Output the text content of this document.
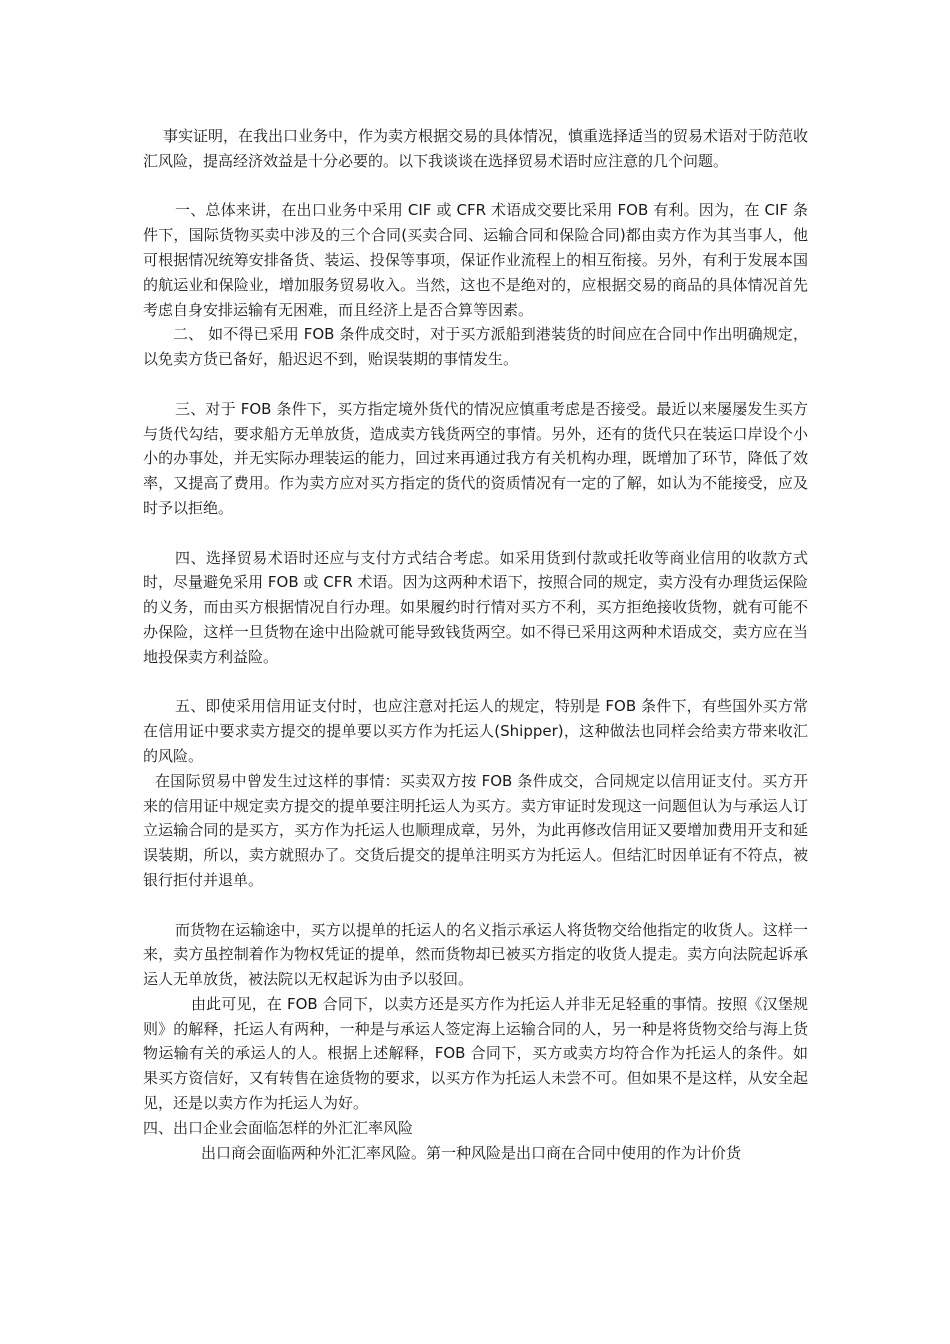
事实证明，在我出口业务中，作为卖方根据交易的具体情况，慎重选择适当的贸易术语对于防范收汇风险，提高经济效益是十分必要的。以下我谈谈在选择贸易术语时应注意的几个问题。

一、总体来讲，在出口业务中采用 CIF 或 CFR 术语成交要比采用 FOB 有利。因为，在 CIF 条件下，国际货物买卖中涉及的三个合同(买卖合同、运输合同和保险合同)都由卖方作为其当事人，他可根据情况统筹安排备货、装运、投保等事项，保证作业流程上的相互衔接。另外，有利于发展本国的航运业和保险业，增加服务贸易收入。当然，这也不是绝对的，应根据交易的商品的具体情况首先考虑自身安排运输有无困难，而且经济上是否合算等因素。

二、 如不得已采用 FOB 条件成交时，对于买方派船到港装货的时间应在合同中作出明确规定，以免卖方货已备好，船迟迟不到，贻误装期的事情发生。

三、对于 FOB 条件下，买方指定境外货代的情况应慎重考虑是否接受。最近以来屡屡发生买方与货代勾结，要求船方无单放货，造成卖方钱货两空的事情。另外，还有的货代只在装运口岸设个小小的办事处，并无实际办理装运的能力，回过来再通过我方有关机构办理，既增加了环节，降低了效率，又提高了费用。作为卖方应对买方指定的货代的资质情况有一定的了解，如认为不能接受，应及时予以拒绝。

四、选择贸易术语时还应与支付方式结合考虑。如采用货到付款或托收等商业信用的收款方式时，尽量避免采用 FOB 或 CFR 术语。因为这两种术语下，按照合同的规定，卖方没有办理货运保险的义务，而由买方根据情况自行办理。如果履约时行情对买方不利，买方拒绝接收货物，就有可能不办保险，这样一旦货物在途中出险就可能导致钱货两空。如不得已采用这两种术语成交，卖方应在当地投保卖方利益险。

五、即使采用信用证支付时，也应注意对托运人的规定，特别是 FOB 条件下，有些国外买方常在信用证中要求卖方提交的提单要以买方作为托运人(Shipper)，这种做法也同样会给卖方带来收汇的风险。

在国际贸易中曾发生过这样的事情：买卖双方按 FOB 条件成交，合同规定以信用证支付。买方开来的信用证中规定卖方提交的提单要注明托运人为买方。卖方审证时发现这一问题但认为与承运人订立运输合同的是买方，买方作为托运人也顺理成章，另外，为此再修改信用证又要增加费用开支和延误装期，所以，卖方就照办了。交货后提交的提单注明买方为托运人。但结汇时因单证有不符点，被银行拒付并退单。

而货物在运输途中，买方以提单的托运人的名义指示承运人将货物交给他指定的收货人。这样一来，卖方虽控制着作为物权凭证的提单，然而货物却已被买方指定的收货人提走。卖方向法院起诉承运人无单放货，被法院以无权起诉为由予以驳回。

由此可见，在 FOB 合同下，以卖方还是买方作为托运人并非无足轻重的事情。按照《汉堡规则》的解释，托运人有两种，一种是与承运人签定海上运输合同的人，另一种是将货物交给与海上货物运输有关的承运人的人。根据上述解释，FOB 合同下，买方或卖方均符合作为托运人的条件。如果买方资信好，又有转售在途货物的要求，以买方作为托运人未尝不可。但如果不是这样，从安全起见，还是以卖方作为托运人为好。

四、出口企业会面临怎样的外汇汇率风险

出口商会面临两种外汇汇率风险。第一种风险是出口商在合同中使用的作为计价货
